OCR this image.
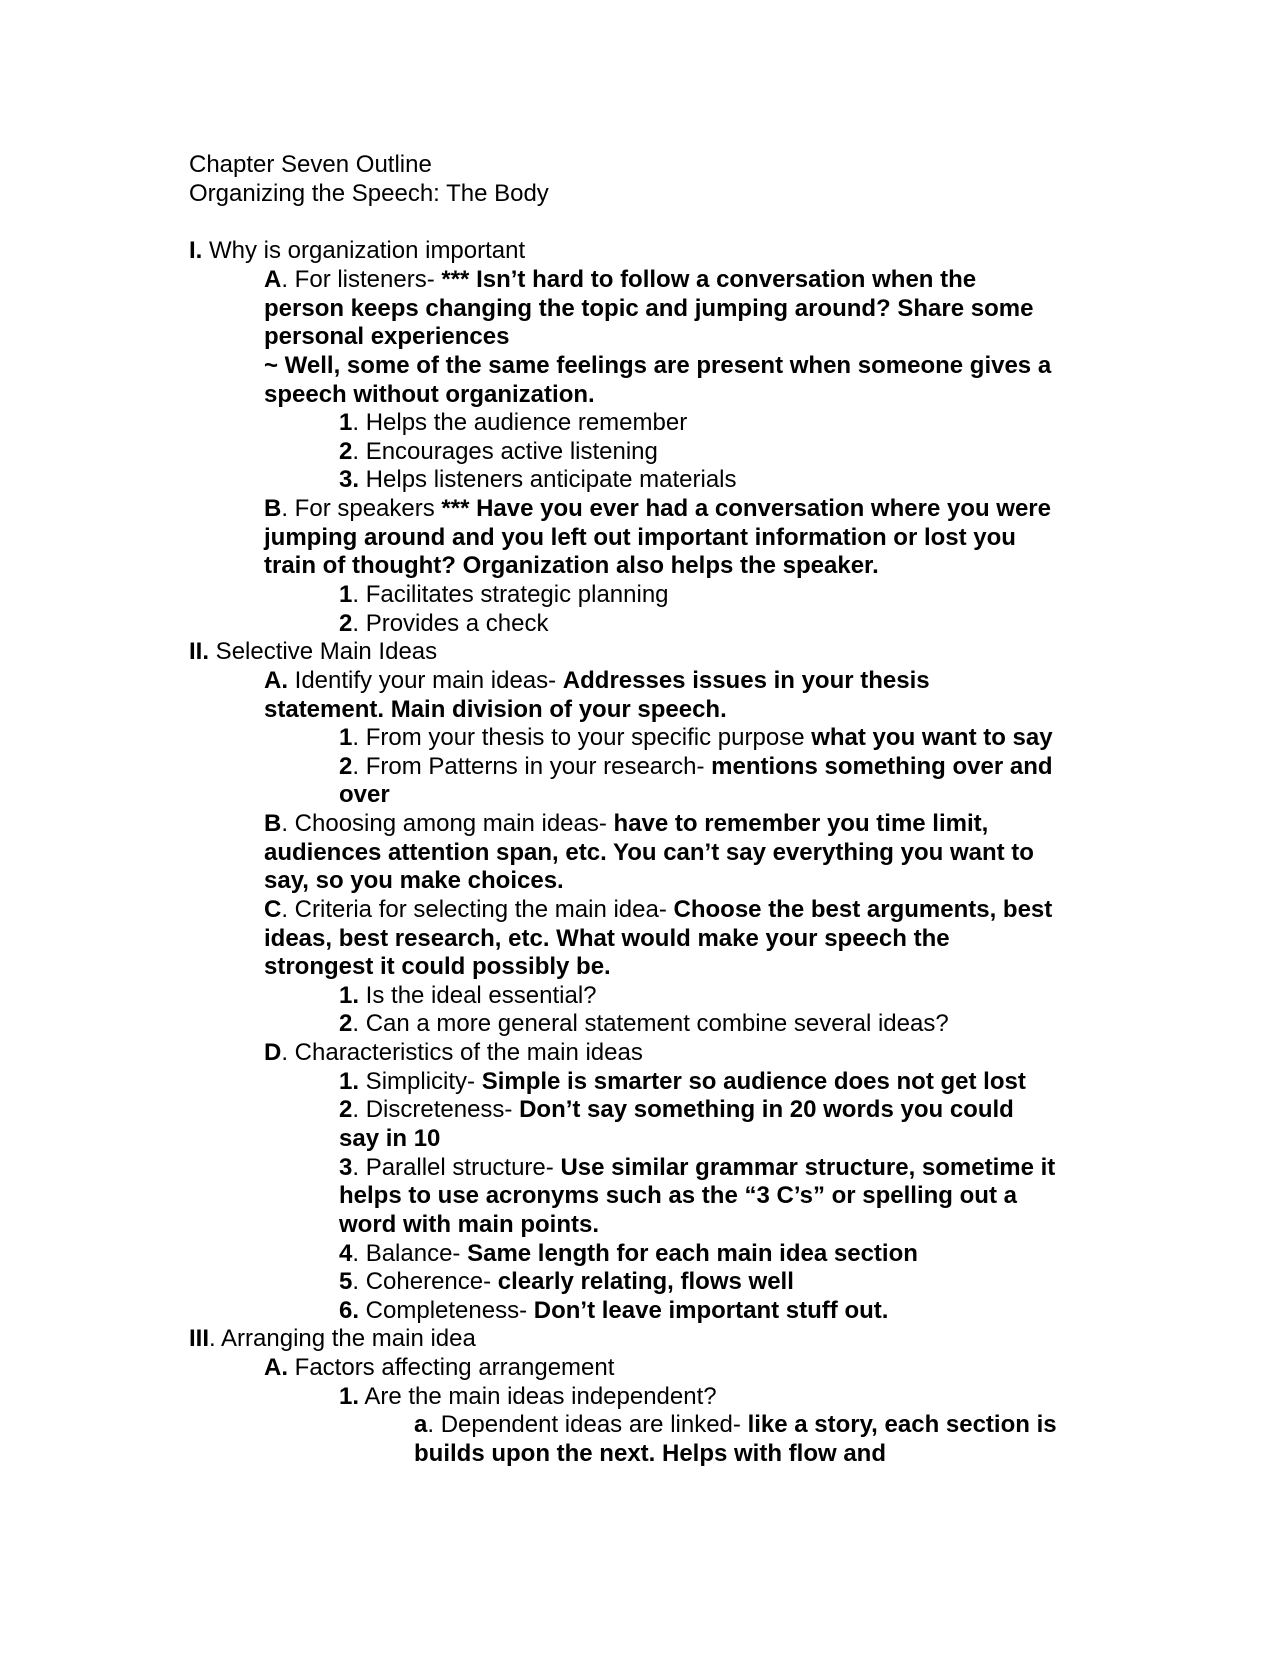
Chapter Seven Outline
Organizing the Speech: The Body
I. Why is organization important
A. For listeners- *** Isn’t hard to follow a conversation when the
person keeps changing the topic and jumping around? Share some
personal experiences
~ Well, some of the same feelings are present when someone gives a
speech without organization.
1. Helps the audience remember
2. Encourages active listening
3. Helps listeners anticipate materials
B. For speakers *** Have you ever had a conversation where you were
jumping around and you left out important information or lost you
train of thought? Organization also helps the speaker.
1. Facilitates strategic planning
2. Provides a check
II. Selective Main Ideas
A. Identify your main ideas- Addresses issues in your thesis
statement. Main division of your speech.
1. From your thesis to your specific purpose what you want to say
2. From Patterns in your research- mentions something over and
over
B. Choosing among main ideas- have to remember you time limit,
audiences attention span, etc. You can’t say everything you want to
say, so you make choices.
C. Criteria for selecting the main idea- Choose the best arguments, best
ideas, best research, etc. What would make your speech the
strongest it could possibly be.
1. Is the ideal essential?
2. Can a more general statement combine several ideas?
D. Characteristics of the main ideas
1. Simplicity- Simple is smarter so audience does not get lost
2. Discreteness- Don’t say something in 20 words you could
say in 10
3. Parallel structure- Use similar grammar structure, sometime it
helps to use acronyms such as the “3 C’s” or spelling out a
word with main points.
4. Balance- Same length for each main idea section
5. Coherence- clearly relating, flows well
6. Completeness- Don’t leave important stuff out.
III. Arranging the main idea
A. Factors affecting arrangement
1. Are the main ideas independent?
a. Dependent ideas are linked- like a story, each section is
builds upon the next. Helps with flow and
